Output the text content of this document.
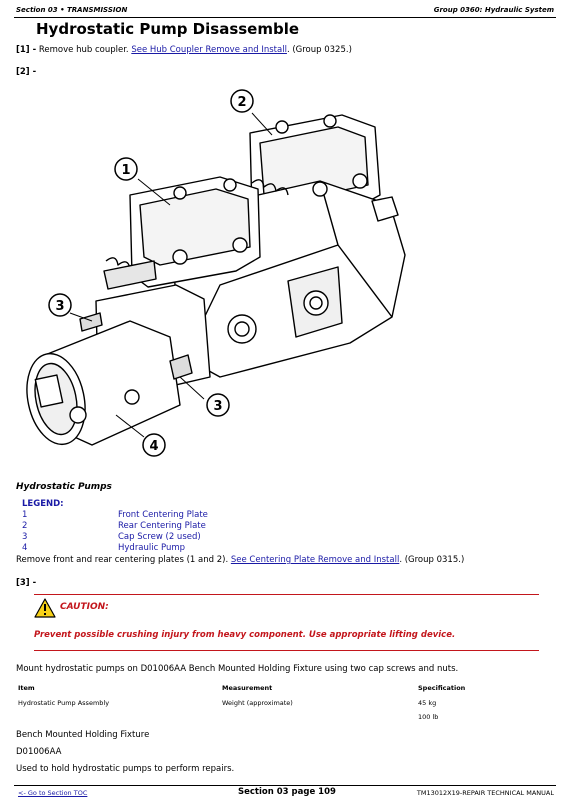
Section 03 • TRANSMISSION	Group 0360: Hydraulic System
Hydrostatic Pump Disassemble
[1] - Remove hub coupler. See Hub Coupler Remove and Install. (Group 0325.)
[2] -
1
2
3
3
4
Hydrostatic Pumps
LEGEND:
1	Front Centering Plate
2	Rear Centering Plate
3	Cap Screw (2 used)
4	Hydraulic Pump
Remove front and rear centering plates (1 and 2). See Centering Plate Remove and Install. (Group 0315.)
[3] -
CAUTION:
Prevent possible crushing injury from heavy component. Use appropriate lifting device.
Mount hydrostatic pumps on D01006AA Bench Mounted Holding Fixture using two cap screws and nuts.
Item	Measurement	Specification
Hydrostatic Pump Assembly	Weight (approximate)	45 kg
100 lb
Bench Mounted Holding Fixture
D01006AA
Used to hold hydrostatic pumps to perform repairs.
<- Go to Section TOC	Section 03 page 109	TM13012X19-REPAIR TECHNICAL MANUAL
